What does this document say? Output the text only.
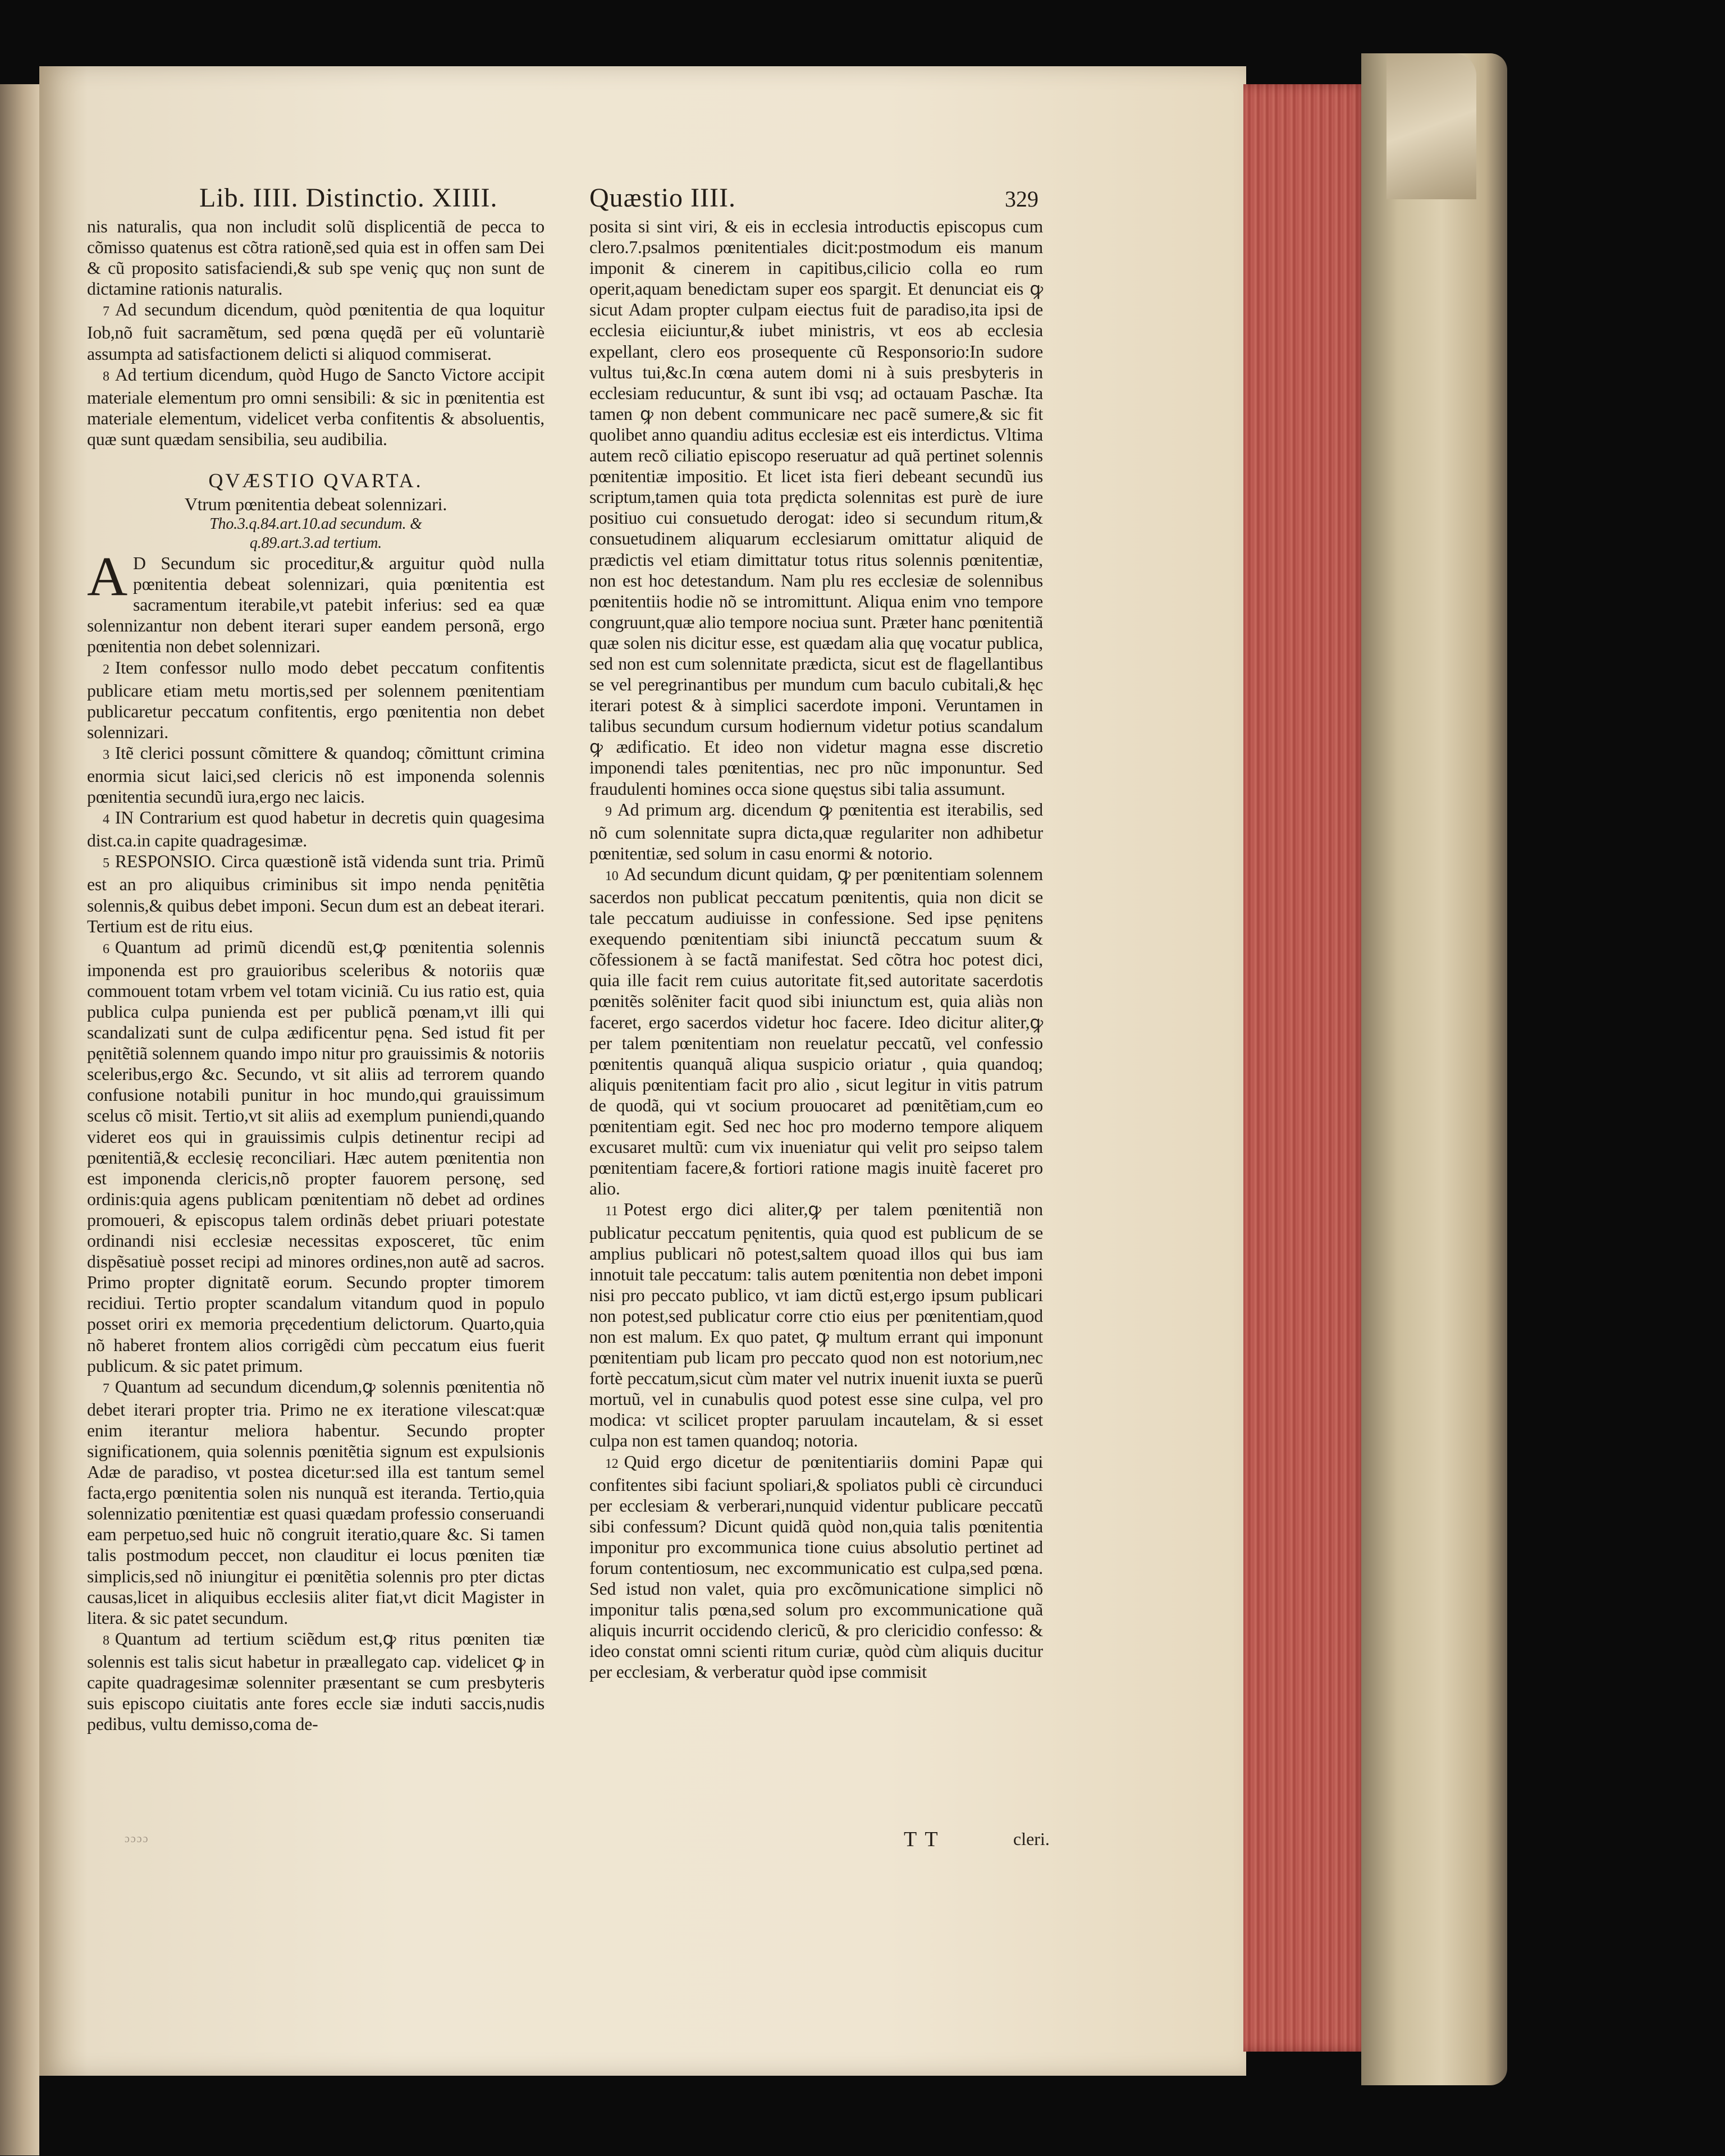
Lib. IIII. Distinctio. XIIII.	Quæstio IIII.	329

nis naturalis, qua non includit solũ displicentiã de pecca to cõmisso quatenus est cõtra rationẽ,sed quia est in offen sam Dei & cũ proposito satisfaciendi,& sub spe veniç quç non sunt de dictamine rationis naturalis.

7 Ad secundum dicendum, quòd pœnitentia de qua loquitur Iob,nõ fuit sacramẽtum, sed pœna quędã per eũ voluntariè assumpta ad satisfactionem delicti si aliquod commiserat.

8 Ad tertium dicendum, quòd Hugo de Sancto Victore accipit materiale elementum pro omni sensibili: & sic in pœnitentia est materiale elementum, videlicet verba confitentis & absoluentis, quæ sunt quædam sensibilia, seu audibilia.

QVÆSTIO QVARTA.
Vtrum pœnitentia debeat solennizari.
Tho.3.q.84.art.10.ad secundum. &
q.89.art.3.ad tertium.

A D Secundum sic proceditur,& arguitur quòd nulla pœnitentia debeat solennizari, quia pœnitentia est sacramentum iterabile,vt patebit inferius: sed ea quæ solennizantur non debent iterari super eandem personã, ergo pœnitentia non debet solennizari.

2 Item confessor nullo modo debet peccatum confitentis publicare etiam metu mortis,sed per solennem pœnitentiam publicaretur peccatum confitentis, ergo pœnitentia non debet solennizari.

3 Itẽ clerici possunt cõmittere & quandoq; cõmittunt crimina enormia sicut laici,sed clericis nõ est imponenda solennis pœnitentia secundũ iura,ergo nec laicis.

4 IN Contrarium est quod habetur in decretis quin quagesima dist.ca.in capite quadragesimæ.

5 RESPONSIO. Circa quæstionẽ istã videnda sunt tria. Primũ est an pro aliquibus criminibus sit impo nenda pęnitẽtia solennis,& quibus debet imponi. Secun dum est an debeat iterari. Tertium est de ritu eius.

6 Quantum ad primũ dicendũ est,ꝙ pœnitentia solennis imponenda est pro grauioribus sceleribus & notoriis quæ commouent totam vrbem vel totam viciniã. Cu ius ratio est, quia publica culpa punienda est per publicã pœnam,vt illi qui scandalizati sunt de culpa ædificentur pęna. Sed istud fit per pęnitẽtiã solennem quando impo nitur pro grauissimis & notoriis sceleribus,ergo &c. Secundo, vt sit aliis ad terrorem quando confusione notabili punitur in hoc mundo,qui grauissimum scelus cõ misit. Tertio,vt sit aliis ad exemplum puniendi,quando videret eos qui in grauissimis culpis detinentur recipi ad pœnitentiã,& ecclesię reconciliari. Hæc autem pœnitentia non est imponenda clericis,nõ propter fauorem personę, sed ordinis:quia agens publicam pœnitentiam nõ debet ad ordines promoueri, & episcopus talem ordinãs debet priuari potestate ordinandi nisi ecclesiæ necessitas exposceret, tũc enim dispẽsatiuè posset recipi ad minores ordines,non autẽ ad sacros. Primo propter dignitatẽ eorum. Secundo propter timorem recidiui. Tertio propter scandalum vitandum quod in populo posset oriri ex memoria pręcedentium delictorum. Quarto,quia nõ haberet frontem alios corrigẽdi cùm peccatum eius fuerit publicum. & sic patet primum.

7 Quantum ad secundum dicendum,ꝙ solennis pœnitentia nõ debet iterari propter tria. Primo ne ex iteratione vilescat:quæ enim iterantur meliora habentur. Secundo propter significationem, quia solennis pœnitẽtia signum est expulsionis Adæ de paradiso, vt postea dicetur:sed illa est tantum semel facta,ergo pœnitentia solen nis nunquã est iteranda. Tertio,quia solennizatio pœnitentiæ est quasi quædam professio conseruandi eam perpetuo,sed huic nõ congruit iteratio,quare &c. Si tamen talis postmodum peccet, non clauditur ei locus pœniten tiæ simplicis,sed nõ iniungitur ei pœnitẽtia solennis pro pter dictas causas,licet in aliquibus ecclesiis aliter fiat,vt dicit Magister in litera. & sic patet secundum.

8 Quantum ad tertium sciẽdum est,ꝙ ritus pœniten tiæ solennis est talis sicut habetur in præallegato cap. videlicet ꝙ in capite quadragesimæ solenniter præsentant se cum presbyteris suis episcopo ciuitatis ante fores eccle siæ induti saccis,nudis pedibus, vultu demisso,coma de-

posita si sint viri, & eis in ecclesia introductis episcopus cum clero.7.psalmos pœnitentiales dicit:postmodum eis manum imponit & cinerem in capitibus,cilicio colla eo rum operit,aquam benedictam super eos spargit. Et denunciat eis ꝙ sicut Adam propter culpam eiectus fuit de paradiso,ita ipsi de ecclesia eiiciuntur,& iubet ministris, vt eos ab ecclesia expellant, clero eos prosequente cũ Responsorio:In sudore vultus tui,&c.In cœna autem domi ni à suis presbyteris in ecclesiam reducuntur, & sunt ibi vsq; ad octauam Paschæ. Ita tamen ꝙ non debent communicare nec pacẽ sumere,& sic fit quolibet anno quandiu aditus ecclesiæ est eis interdictus. Vltima autem recõ ciliatio episcopo reseruatur ad quã pertinet solennis pœnitentiæ impositio. Et licet ista fieri debeant secundũ ius scriptum,tamen quia tota prędicta solennitas est purè de iure positiuo cui consuetudo derogat: ideo si secundum ritum,& consuetudinem aliquarum ecclesiarum omittatur aliquid de prædictis vel etiam dimittatur totus ritus solennis pœnitentiæ, non est hoc detestandum. Nam plu res ecclesiæ de solennibus pœnitentiis hodie nõ se intromittunt. Aliqua enim vno tempore congruunt,quæ alio tempore nociua sunt. Præter hanc pœnitentiã quæ solen nis dicitur esse, est quædam alia quę vocatur publica, sed non est cum solennitate prædicta, sicut est de flagellantibus se vel peregrinantibus per mundum cum baculo cubitali,& hęc iterari potest & à simplici sacerdote imponi. Veruntamen in talibus secundum cursum hodiernum videtur potius scandalum ꝙ ædificatio. Et ideo non videtur magna esse discretio imponendi tales pœnitentias, nec pro nũc imponuntur. Sed fraudulenti homines occa sione quęstus sibi talia assumunt.

9 Ad primum arg. dicendum ꝙ pœnitentia est iterabilis, sed nõ cum solennitate supra dicta,quæ regulariter non adhibetur pœnitentiæ, sed solum in casu enormi & notorio.

10 Ad secundum dicunt quidam, ꝙ per pœnitentiam solennem sacerdos non publicat peccatum pœnitentis, quia non dicit se tale peccatum audiuisse in confessione. Sed ipse pęnitens exequendo pœnitentiam sibi iniunctã peccatum suum & cõfessionem à se factã manifestat. Sed cõtra hoc potest dici, quia ille facit rem cuius autoritate fit,sed autoritate sacerdotis pœnitẽs solẽniter facit quod sibi iniunctum est, quia aliàs non faceret, ergo sacerdos videtur hoc facere. Ideo dicitur aliter,ꝙ per talem pœnitentiam non reuelatur peccatũ, vel confessio pœnitentis quanquã aliqua suspicio oriatur , quia quandoq; aliquis pœnitentiam facit pro alio , sicut legitur in vitis patrum de quodã, qui vt socium prouocaret ad pœnitẽtiam,cum eo pœnitentiam egit. Sed nec hoc pro moderno tempore aliquem excusaret multũ: cum vix inueniatur qui velit pro seipso talem pœnitentiam facere,& fortiori ratione magis inuitè faceret pro alio.

11 Potest ergo dici aliter,ꝙ per talem pœnitentiã non publicatur peccatum pęnitentis, quia quod est publicum de se amplius publicari nõ potest,saltem quoad illos qui bus iam innotuit tale peccatum: talis autem pœnitentia non debet imponi nisi pro peccato publico, vt iam dictũ est,ergo ipsum publicari non potest,sed publicatur corre ctio eius per pœnitentiam,quod non est malum. Ex quo patet, ꝙ multum errant qui imponunt pœnitentiam pub licam pro peccato quod non est notorium,nec fortè peccatum,sicut cùm mater vel nutrix inuenit iuxta se puerũ mortuũ, vel in cunabulis quod potest esse sine culpa, vel pro modica: vt scilicet propter paruulam incautelam, & si esset culpa non est tamen quandoq; notoria.

12 Quid ergo dicetur de pœnitentiariis domini Papæ qui confitentes sibi faciunt spoliari,& spoliatos publi cè circunduci per ecclesiam & verberari,nunquid videntur publicare peccatũ sibi confessum? Dicunt quidã quòd non,quia talis pœnitentia imponitur pro excommunica tione cuius absolutio pertinet ad forum contentiosum, nec excommunicatio est culpa,sed pœna. Sed istud non valet, quia pro excõmunicatione simplici nõ imponitur talis pœna,sed solum pro excommunicatione quã aliquis incurrit occidendo clericũ, & pro clericidio confesso: & ideo constat omni scienti ritum curiæ, quòd cùm aliquis ducitur per ecclesiam, & verberatur quòd ipse commisit

ɔɔɔɔ	T T	cleri.
